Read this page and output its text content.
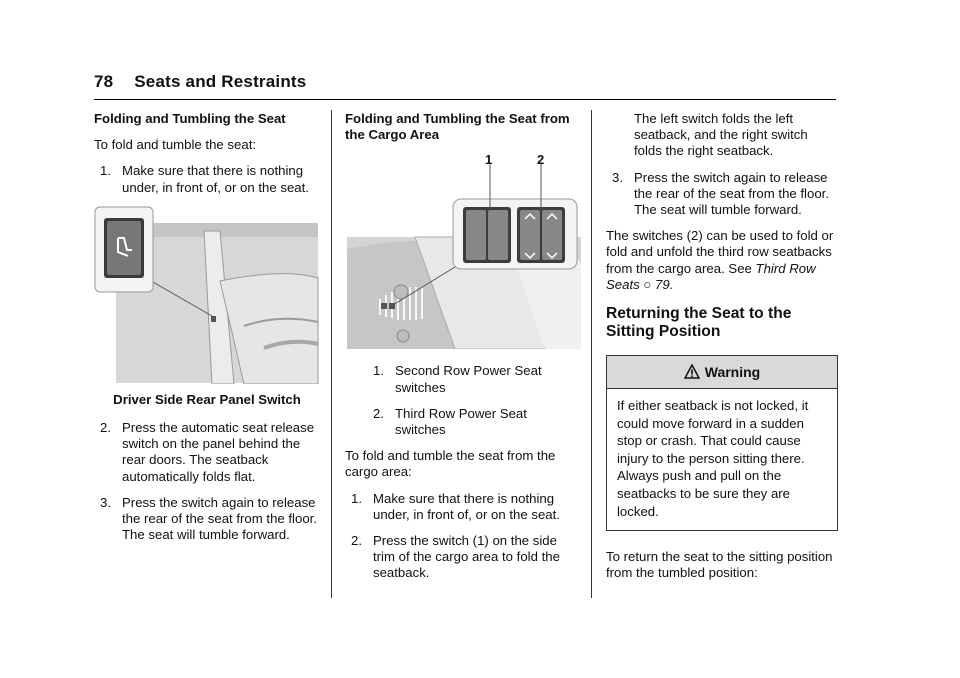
78 Seats and Restraints
Folding and Tumbling the Seat

To fold and tumble the seat:

1. Make sure that there is nothing under, in front of, or on the seat.
Driver Side Rear Panel Switch
2. Press the automatic seat release switch on the panel behind the rear doors. The seatback automatically folds flat.
3. Press the switch again to release the rear of the seat from the floor. The seat will tumble forward.
Folding and Tumbling the Seat from the Cargo Area
1	2
1. Second Row Power Seat switches
2. Third Row Power Seat switches

To fold and tumble the seat from the cargo area:

1. Make sure that there is nothing under, in front of, or on the seat.
2. Press the switch (1) on the side trim of the cargo area to fold the seatback.

The left switch folds the left seatback, and the right switch folds the right seatback.

3. Press the switch again to release the rear of the seat from the floor. The seat will tumble forward.

The switches (2) can be used to fold or fold and unfold the third row seatbacks from the cargo area. See Third Row Seats ○ 79.

Returning the Seat to the Sitting Position
Warning
If either seatback is not locked, it could move forward in a sudden stop or crash. That could cause injury to the person sitting there. Always push and pull on the seatbacks to be sure they are locked.

To return the seat to the sitting position from the tumbled position:
